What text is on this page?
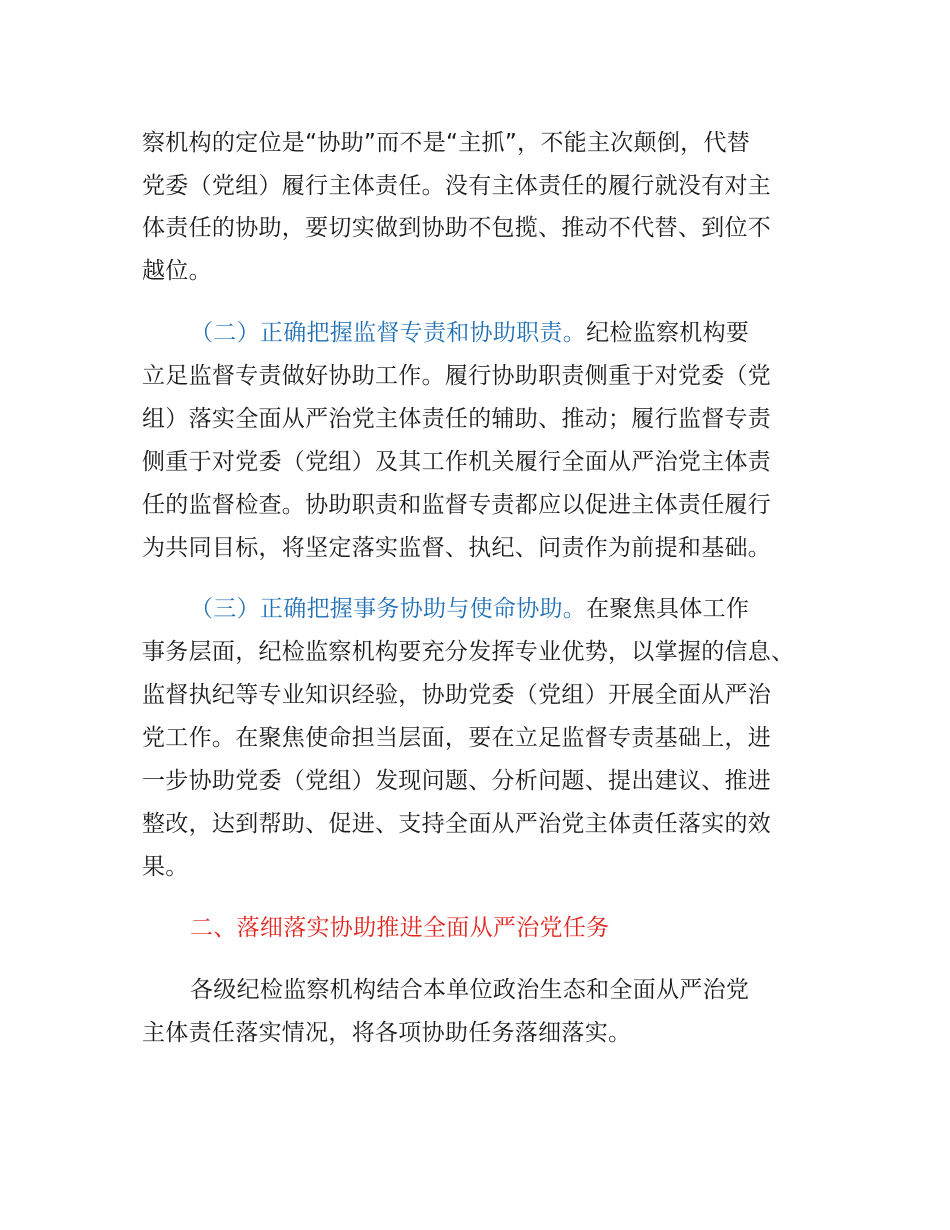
察机构的定位是“协助”而不是“主抓”，不能主次颠倒，代替
党委（党组）履行主体责任。没有主体责任的履行就没有对主
体责任的协助，要切实做到协助不包揽、推动不代替、到位不
越位。
（二）正确把握监督专责和协助职责。纪检监察机构要
立足监督专责做好协助工作。履行协助职责侧重于对党委（党
组）落实全面从严治党主体责任的辅助、推动；履行监督专责
侧重于对党委（党组）及其工作机关履行全面从严治党主体责
任的监督检查。协助职责和监督专责都应以促进主体责任履行
为共同目标，将坚定落实监督、执纪、问责作为前提和基础。
（三）正确把握事务协助与使命协助。在聚焦具体工作
事务层面，纪检监察机构要充分发挥专业优势，以掌握的信息、
监督执纪等专业知识经验，协助党委（党组）开展全面从严治
党工作。在聚焦使命担当层面，要在立足监督专责基础上，进
一步协助党委（党组）发现问题、分析问题、提出建议、推进
整改，达到帮助、促进、支持全面从严治党主体责任落实的效
果。
二、落细落实协助推进全面从严治党任务
各级纪检监察机构结合本单位政治生态和全面从严治党
主体责任落实情况，将各项协助任务落细落实。
